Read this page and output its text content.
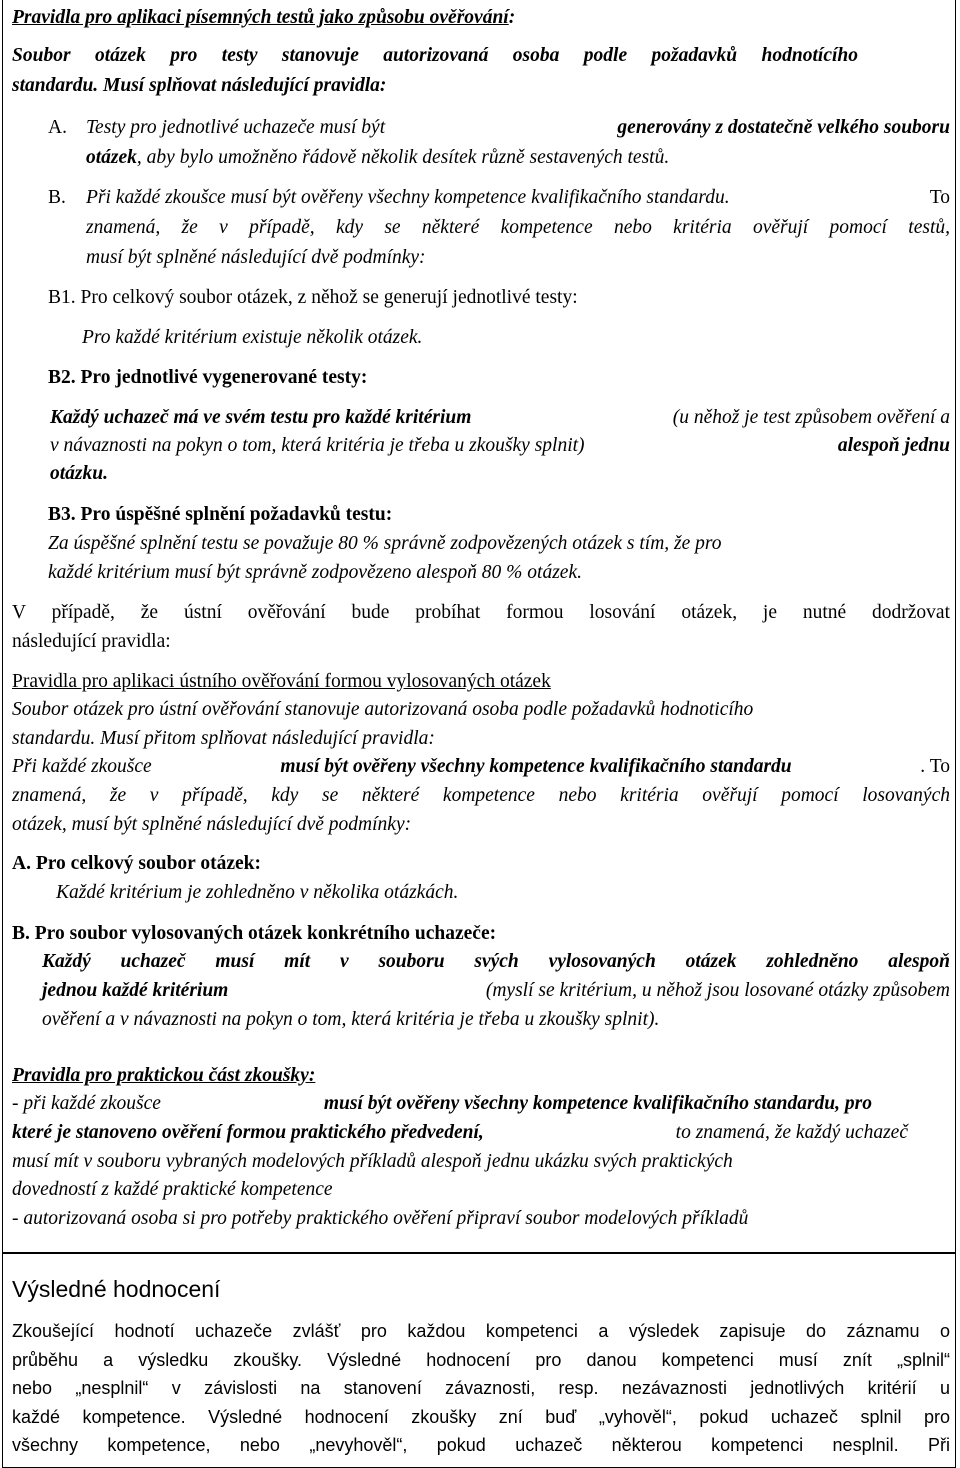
Pravidla pro aplikaci písemných testů jako způsobu ověřování:
Soubor otázek pro testy stanovuje autorizovaná osoba podle požadavků hodnotícího
standardu. Musí splňovat následující pravidla:
A. Testy pro jednotlivé uchazeče musí být	generovány z dostatečně velkého souboru
otázek, aby bylo umožněno řádově několik desítek různě sestavených testů.
B. Při každé zkoušce musí být ověřeny všechny kompetence kvalifikačního standardu.	To
znamená, že v případě, kdy se některé kompetence nebo kritéria ověřují pomocí testů,
musí být splněné následující dvě podmínky:
B1. Pro celkový soubor otázek, z něhož se generují jednotlivé testy:
Pro každé kritérium existuje několik otázek.
B2. Pro jednotlivé vygenerované testy:
Každý uchazeč má ve svém testu pro každé kritérium	(u něhož je test způsobem ověření a
v návaznosti na pokyn o tom, která kritéria je třeba u zkoušky splnit)	alespoň jednu
otázku.
B3. Pro úspěšné splnění požadavků testu:
Za úspěšné splnění testu se považuje 80 % správně zodpovězených otázek s tím, že pro
každé kritérium musí být správně zodpovězeno alespoň 80 % otázek.
V případě, že ústní ověřování bude probíhat formou losování otázek, je nutné dodržovat
následující pravidla:
Pravidla pro aplikaci ústního ověřování formou vylosovaných otázek
Soubor otázek pro ústní ověřování stanovuje autorizovaná osoba podle požadavků hodnoticího
standardu. Musí přitom splňovat následující pravidla:
Při každé zkoušce	musí být ověřeny všechny kompetence kvalifikačního standardu	. To
znamená, že v případě, kdy se některé kompetence nebo kritéria ověřují pomocí losovaných
otázek, musí být splněné následující dvě podmínky:
A. Pro celkový soubor otázek:
Každé kritérium je zohledněno v několika otázkách.
B. Pro soubor vylosovaných otázek konkrétního uchazeče:
Každý uchazeč musí mít v souboru svých vylosovaných otázek zohledněno alespoň
jednou každé kritérium	(myslí se kritérium, u něhož jsou losované otázky způsobem
ověření a v návaznosti na pokyn o tom, která kritéria je třeba u zkoušky splnit).
Pravidla pro praktickou část zkoušky:
- při každé zkoušce	musí být ověřeny všechny kompetence kvalifikačního standardu, pro
které je stanoveno ověření formou praktického předvedení,	to znamená, že každý uchazeč
musí mít v souboru vybraných modelových příkladů alespoň jednu ukázku svých praktických
dovedností z každé praktické kompetence
- autorizovaná osoba si pro potřeby praktického ověření připraví soubor modelových příkladů
Výsledné hodnocení
Zkoušející hodnotí uchazeče zvlášť pro každou kompetenci a výsledek zapisuje do záznamu o
průběhu a výsledku zkoušky. Výsledné hodnocení pro danou kompetenci musí znít „splnil“
nebo „nesplnil“ v závislosti na stanovení závaznosti, resp. nezávaznosti jednotlivých kritérií u
každé kompetence. Výsledné hodnocení zkoušky zní buď „vyhověl“, pokud uchazeč splnil pro
všechny kompetence, nebo „nevyhověl“, pokud uchazeč některou kompetenci nesplnil. Při
